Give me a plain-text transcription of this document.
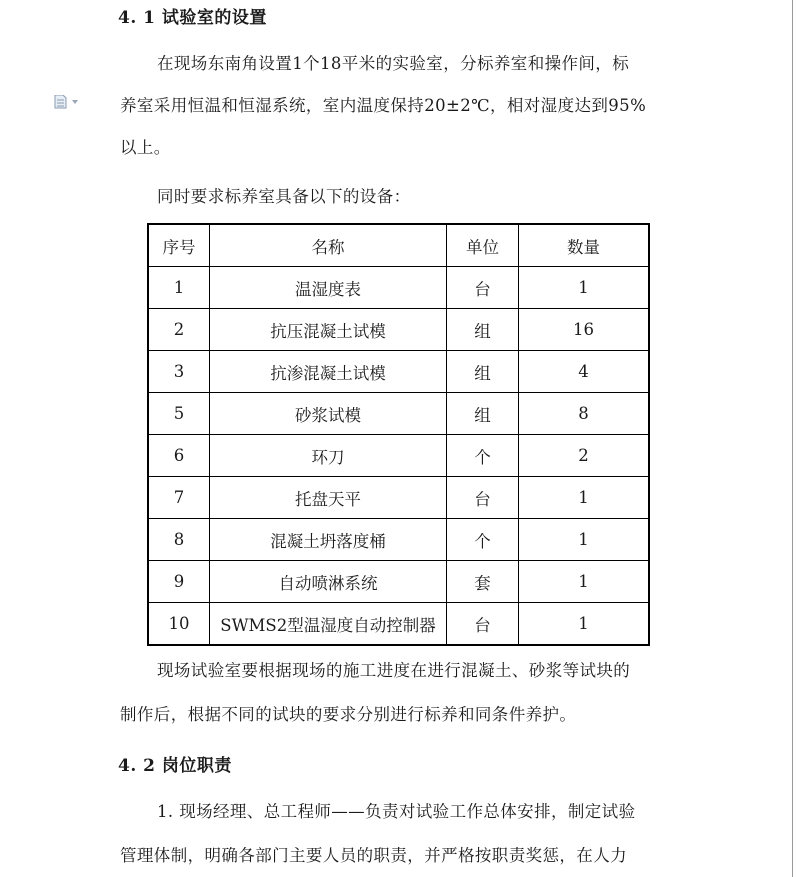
4. 1 试验室的设置
在现场东南角设置1个18平米的实验室，分标养室和操作间，标
养室采用恒温和恒湿系统，室内温度保持20±2℃，相对湿度达到95%
以上。
同时要求标养室具备以下的设备：
序号	名称	单位	数量
1	温湿度表	台	1
2	抗压混凝土试模	组	16
3	抗渗混凝土试模	组	4
5	砂浆试模	组	8
6	环刀	个	2
7	托盘天平	台	1
8	混凝土坍落度桶	个	1
9	自动喷淋系统	套	1
10	SWMS2型温湿度自动控制器	台	1
现场试验室要根据现场的施工进度在进行混凝土、砂浆等试块的
制作后，根据不同的试块的要求分别进行标养和同条件养护。
4. 2 岗位职责
1. 现场经理、总工程师——负责对试验工作总体安排，制定试验
管理体制，明确各部门主要人员的职责，并严格按职责奖惩，在人力
